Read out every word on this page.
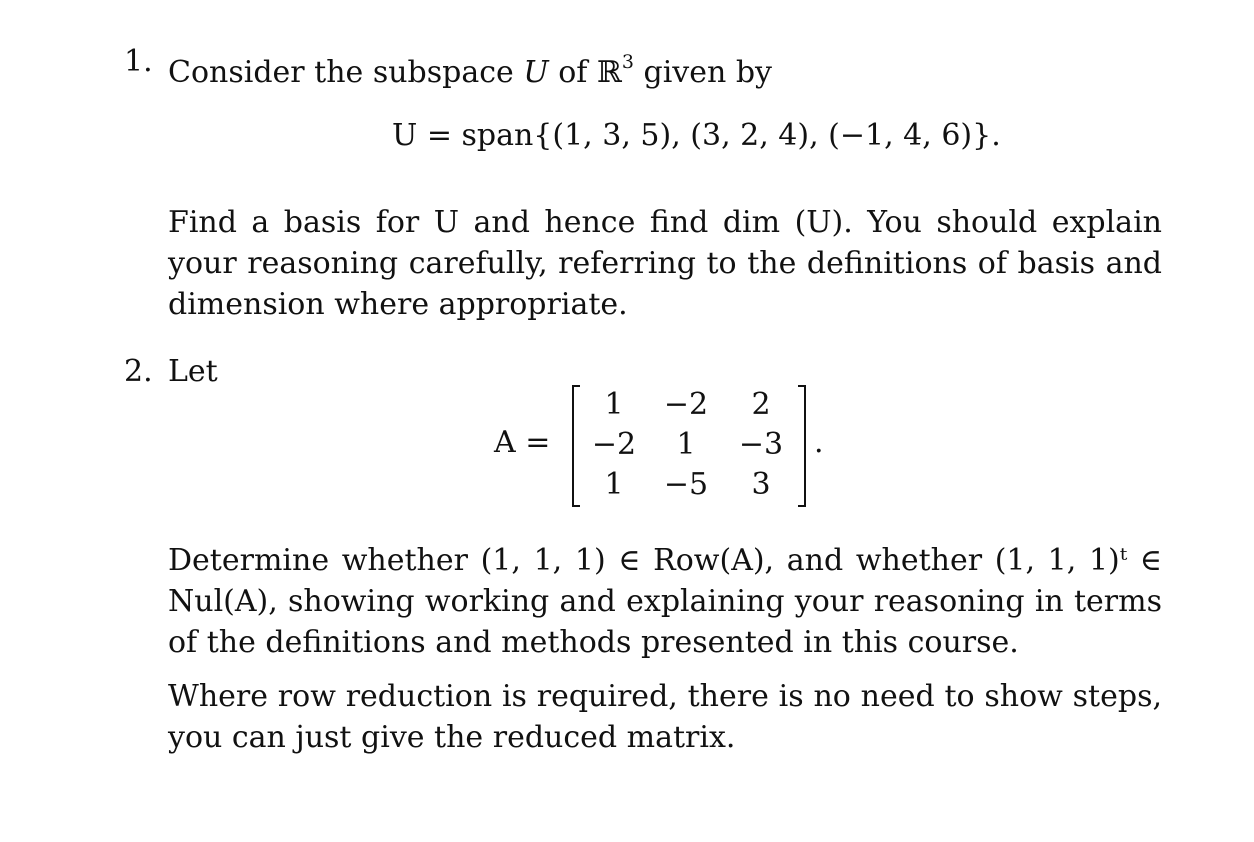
1. Consider the subspace U of ℝ$^3$ given by
U = span{(1, 3, 5), (3, 2, 4), (−1, 4, 6)}.
Find a basis for U and hence find dim (U). You should explain your reasoning carefully, referring to the definitions of basis and dimension where appropriate.
2. Let
A =
1	−2	2
−2	1	−3
1	−5	3
.
Determine whether (1, 1, 1) ∈ Row(A), and whether (1, 1, 1)ᵗ ∈ Nul(A), showing working and explaining your reasoning in terms of the definitions and methods presented in this course.
Where row reduction is required, there is no need to show steps, you can just give the reduced matrix.
